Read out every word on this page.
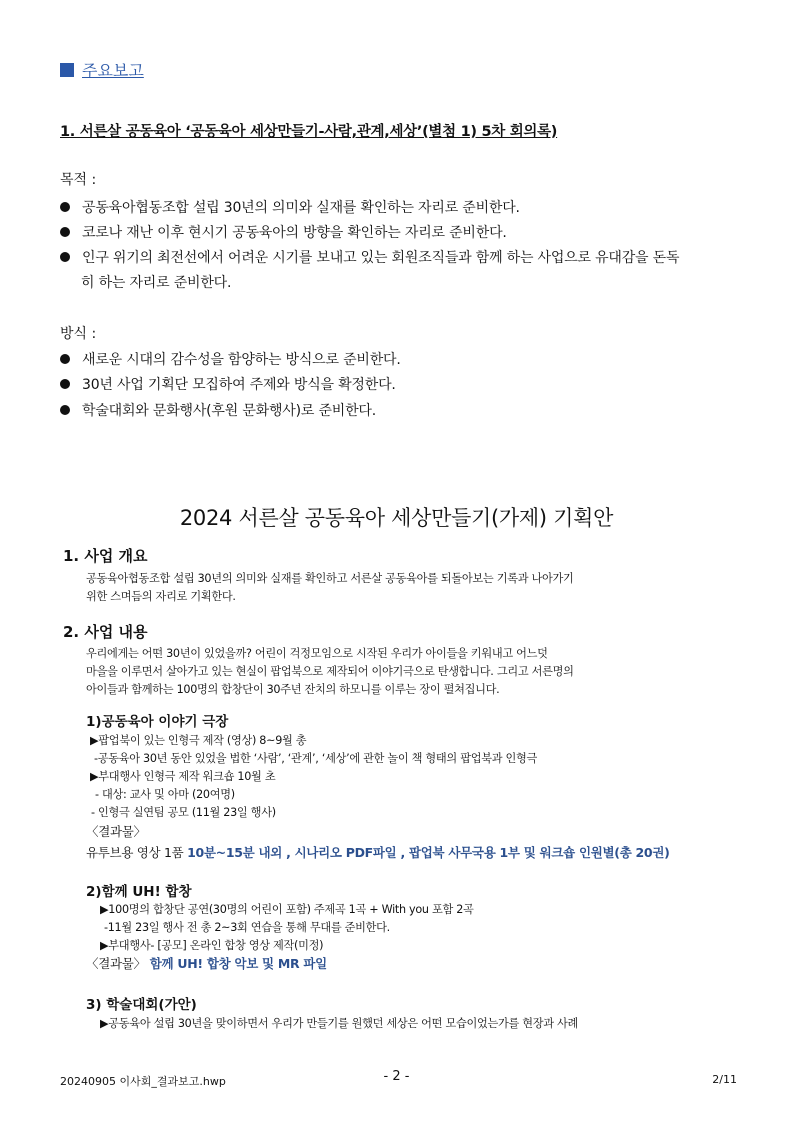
주요보고
1. 서른살 공동육아 ‘공동육아 세상만들기-사람,관계,세상’(별첨 1) 5차 회의록)
목적 :
공동육아협동조합 설립 30년의 의미와 실재를 확인하는 자리로 준비한다.
코로나 재난 이후 현시기 공동육아의 방향을 확인하는 자리로 준비한다.
인구 위기의 최전선에서 어려운 시기를 보내고 있는 회원조직들과 함께 하는 사업으로 유대감을 돈독
히 하는 자리로 준비한다.
방식 :
새로운 시대의 감수성을 함양하는 방식으로 준비한다.
30년 사업 기획단 모집하여 주제와 방식을 확정한다.
학술대회와 문화행사(후원 문화행사)로 준비한다.
2024 서른살 공동육아 세상만들기(가제) 기획안
1. 사업 개요
공동육아협동조합 설립 30년의 의미와 실재를 확인하고 서른살 공동육아를 되돌아보는 기록과 나아가기
위한 스며듬의 자리로 기획한다.
2. 사업 내용
우리에게는 어떤 30년이 있었을까? 어린이 걱정모임으로 시작된 우리가 아이들을 키워내고 어느덧
마을을 이루면서 살아가고 있는 현실이 팝업북으로 제작되어 이야기극으로 탄생합니다. 그리고 서른명의
아이들과 함께하는 100명의 합창단이 30주년 잔치의 하모니를 이루는 장이 펼쳐집니다.
1)공동육아 이야기 극장
▶팝업북이 있는 인형극 제작 (영상) 8~9월 총
-공동육아 30년 동안 있었을 법한 ‘사람’, ‘관계’, ‘세상’에 관한 놀이 책 형태의 팝업북과 인형극
▶부대행사 인형극 제작 워크숍 10월 초
- 대상: 교사 및 아마 (20여명)
- 인형극 실연팀 공모 (11월 23일 행사)
〈결과물〉
유투브용 영상 1품 10분~15분 내외 , 시나리오 PDF파일 , 팝업북 사무국용 1부 및 워크숍 인원별(총 20권)
2)함께 UH! 합창
▶100명의 합창단 공연(30명의 어린이 포함) 주제곡 1곡 + With you 포함 2곡
-11월 23일 행사 전 총 2~3회 연습을 통해 무대를 준비한다.
▶부대행사- [공모] 온라인 합창 영상 제작(미정)
〈결과물〉 함께 UH! 합창 악보 및 MR 파일
3) 학술대회(가안)
▶공동육아 설립 30년을 맞이하면서 우리가 만들기를 원했던 세상은 어떤 모습이었는가를 현장과 사례
20240905 이사회_결과보고.hwp	- 2 -	2/11
